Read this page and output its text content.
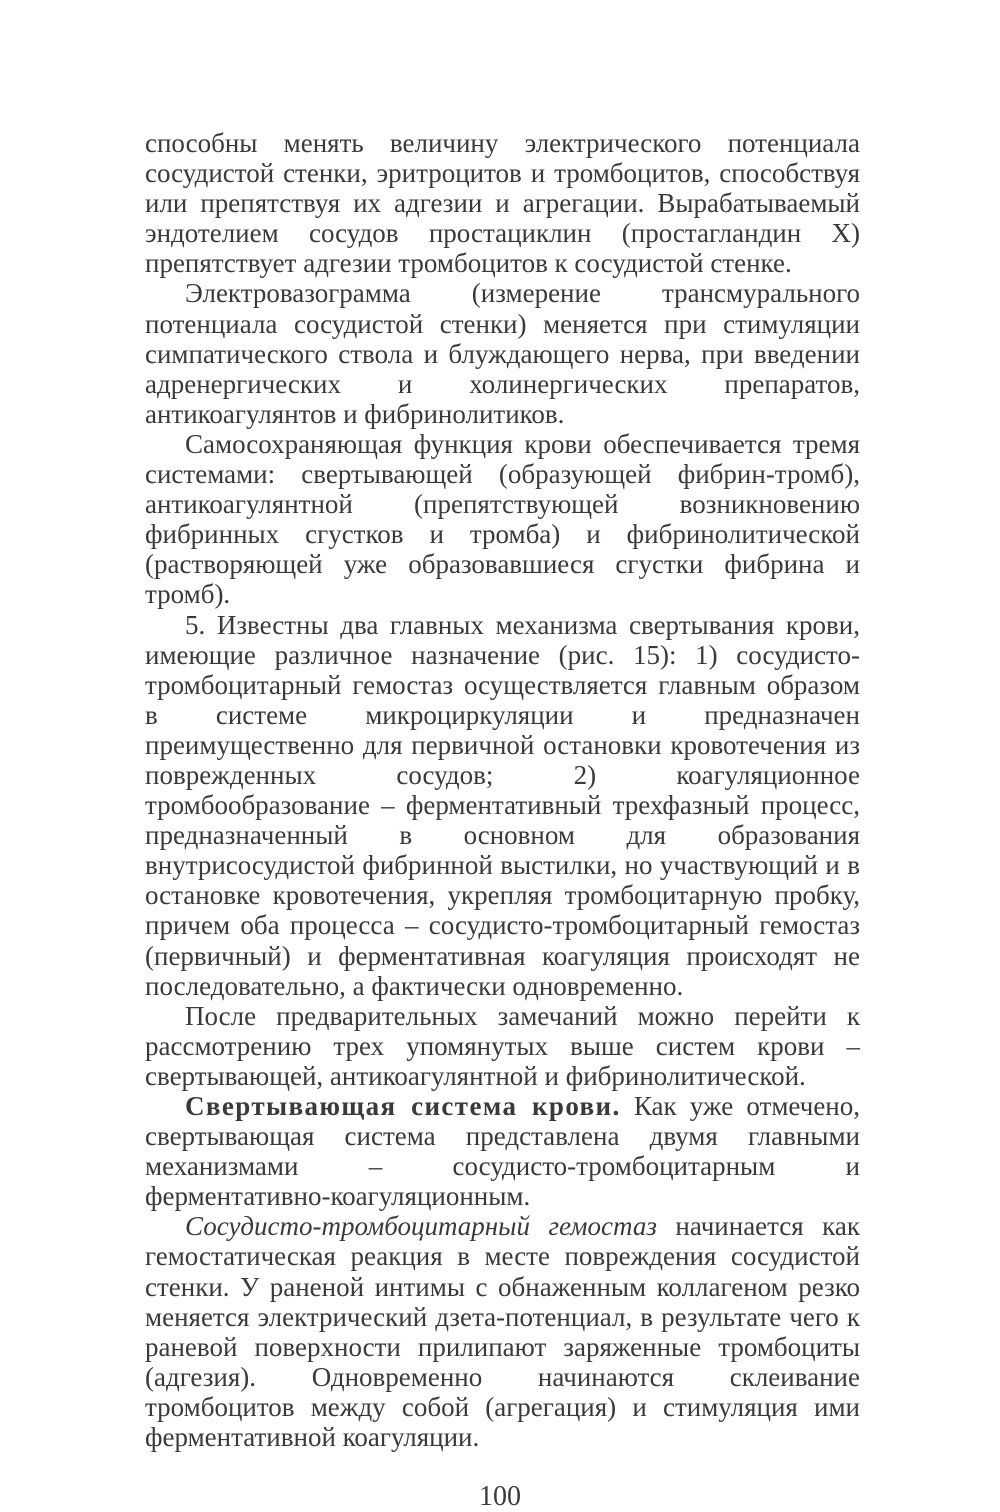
способны менять величину электрического потенциала сосудистой стенки, эритроцитов и тромбоцитов, способствуя или препятствуя их адгезии и агрегации. Вырабатываемый эндотелием сосудов простациклин (простагландин Х) препятствует адгезии тромбоцитов к сосудистой стенке.

Электровазограмма (измерение трансмурального потенциала сосудистой стенки) меняется при стимуляции симпатического ствола и блуждающего нерва, при введении адренергических и холинергических препаратов, антикоагулянтов и фибринолитиков.

Самосохраняющая функция крови обеспечивается тремя системами: свертывающей (образующей фибрин-тромб), антикоагулянтной (препятствующей возникновению фибринных сгустков и тромба) и фибринолитической (растворяющей уже образовавшиеся сгустки фибрина и тромб).

5. Известны два главных механизма свертывания крови, имеющие различное назначение (рис. 15): 1) сосудисто-тромбоцитарный гемостаз осуществляется главным образом в системе микроциркуляции и предназначен преимущественно для первичной остановки кровотечения из поврежденных сосудов; 2) коагуляционное тромбообразование – ферментативный трехфазный процесс, предназначенный в основном для образования внутрисосудистой фибринной выстилки, но участвующий и в остановке кровотечения, укрепляя тромбоцитарную пробку, причем оба процесса – сосудисто-тромбоцитарный гемостаз (первичный) и ферментативная коагуляция происходят не последовательно, а фактически одновременно.

После предварительных замечаний можно перейти к рассмотрению трех упомянутых выше систем крови – свертывающей, антикоагулянтной и фибринолитической.

Свертывающая система крови. Как уже отмечено, свертывающая система представлена двумя главными механизмами – сосудисто-тромбоцитарным и ферментативно-коагуляционным.

Сосудисто-тромбоцитарный гемостаз начинается как гемостатическая реакция в месте повреждения сосудистой стенки. У раненой интимы с обнаженным коллагеном резко меняется электрический дзета-потенциал, в результате чего к раневой поверхности прилипают заряженные тромбоциты (адгезия). Одновременно начинаются склеивание тромбоцитов между собой (агрегация) и стимуляция ими ферментативной коагуляции.

100
